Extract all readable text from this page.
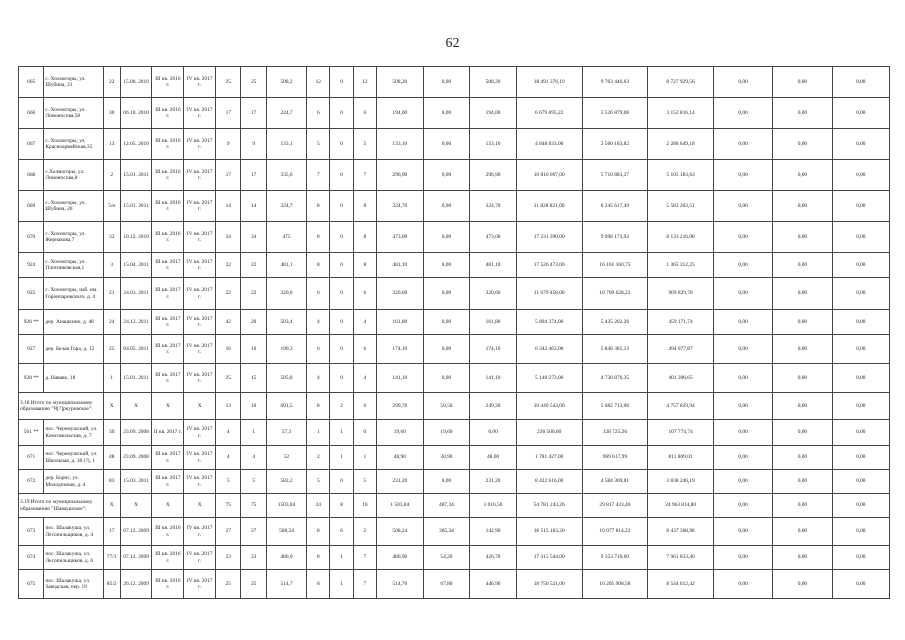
62
665	с. Хохмогоры, ул. Шубина, 21	22	15.06. 2010	III кв. 2016 г.	IV кв. 2017 г.	25	25	508,2	12	0	12	508,20	0,00	508,20	18 491 376,19	9 763 446,63	8 727 929,56	0,00	0,00	0,00
666	с. Хохмогоры, ул. Ломоносова,58	30	06.10. 2010	III кв. 2016 г.	IV кв. 2017 г.	17	17	224,7	6	0	6	194,00	0,00	194,00	6 679 695,22	3 526 879,08	3 152 816,14	0,00	0,00	0,00
667	с. Хохмогоры, ул. Красноармейская,35	13	12.05. 2010	III кв. 2016 г.	IV кв. 2017 г.	9	9	133,1	5	0	5	133,10	0,00	133,10	4 848 833,00	2 560 183,82	2 288 649,18	0,00	0,00	0,00
668	с.Холмогоры, ул. Ломоносова,8	2	15.01. 2011	III кв. 2016 г.	IV кв. 2017 г.	17	17	335,6	7	0	7	296,90	0,00	296,90	10 816 067,00	5 710 883,37	5 105 183,63	0,00	0,00	0,00
669	с. Хохмогоры, ул. Шубина, 20	5/н	15.01. 2011	III кв. 2016 г.	IV кв. 2017 г.	14	14	324,7	8	0	8	324,70	0,00	324,70	11 828 821,00	6 245 617,49	5 583 203,51	0,00	0,00	0,00
670	с. Хохмогоры, ул. Жернакова,7	32	10.12. 2010	III кв. 2016 г.	IV кв. 2017 г.	34	34	475	8	0	8	473,00	0,00	473,00	17 231 390,00	9 098 173,92	8 133 216,08	0,00	0,00	0,00
924	с. Хохмогоры, ул. Плотниковская,1	3	15.04. 2011	III кв. 2017 г.	IV кв. 2017 г.	22	22	481,1	8	0	8	481,10	0,00	481,10	17 526 473,00	16 161 160,75	1 365 312,25	0,00	0,00	0,00
925	с. Хохмогоры, наб. им. Горончаровского, д. 4	21	24.03. 2011	III кв. 2017 г.	IV кв. 2017 г.	22	22	320,6	6	0	6	320,60	0,00	320,60	11 679 458,00	10 769 628,22	909 829,78	0,00	0,00	0,00
926 **	дер. Анашкино, д. 48	24	24.12. 2011	III кв. 2017 г.	IV кв. 2017 г.	42	20	503,4	4	0	4	161,80	0,00	161,80	5 894 374,00	5 435 202,26	459 171,74	0,00	0,00	0,00
927	дер. Белая Гора, д. 12	25	04.05. 2011	III кв. 2017 г.	IV кв. 2017 г.	16	16	190,3	6	0	6	174,10	0,00	174,10	6 342 463,00	5 848 385,13	494 077,87	0,00	0,00	0,00
928 **	д. Нававо, 18	1	15.01. 2011	III кв. 2017 г.	IV кв. 2017 г.	25	15	505,8	4	0	4	141,10	0,00	141,10	5 140 273,00	4 738 876,35	401 396,65	0,00	0,00	0,00
3.18 Итого по муниципальному образованию "Ч[?]ркуровское":		X	X	X	X	13	10	691,5	8	2	6	299,70	50,50	249,20	10 440 543,00	5 682 713,06	4 757 829,94	0,00	0,00	0,00
561 **	пос. Черемушский, ул. Комсомольская, д. 7	30	23.09. 2008	II кв. 2017 г.	IV кв. 2017 г.	4	1	57,3	1	1	0	19,60	19,60	0,00	236 500,00	128 725,26	107 774,74	0,00	0,00	0,00
671	пос. Черемушский, ул. Школьная, д. 30 (?), 1	48	23.09. 2008	III кв. 2017 г.	IV кв. 2017 г.	4	4	52	2	1	1	48,90	30,90	48,00	1 781 427,00	969 617,99	811 809,01	0,00	0,00	0,00
672	дер. Борис, ул. Молодежная, д. 4	83	15.03. 2011	III кв. 2017 г.	IV кв. 2017 г.	5	5	582,2	5	0	5	231,20	0,00	231,20	8 422 616,00	4 584 369,81	3 838 246,19	0,00	0,00	0,00
3.19 Итого по муниципальному образованию "Шаваушское":		X	X	X	X	75	75	1503,84	24	8	16	1 503,84	487,34	1 016,50	54 781 243,26	29 817 433,40	24 963 814,80	0,00	0,00	0,00
673	пос. Шалакуша, ул. Лесопильщиков, д. 4	17	07.12. 2009	III кв. 2016 г.	IV кв. 2017 г.	27	27	508,24	8	6	2	508,24	365,34	142,90	18 515 183,20	10 077 814,22	8 437 368,98	0,00	0,00	0,00
674	пос. Шалакуша, ул. Лесопильщиков, д. 6	77/1	07.12. 2009	III кв. 2016 г.	IV кв. 2017 г.	23	23	480,9	8	1	7	480,90	54,20	426,70	17 315 544,00	9 353 710,60	7 961 833,40	0,00	0,00	0,00
675	пос. Шалакуша, ул. Заводская, пер. 19	85/2	26.12. 2009	III кв. 2016 г.	IV кв. 2017 г.	25	25	514,7	8	1	7	514,70	67,80	446,90	18 750 521,00	10 205 908,58	8 544 612,42	0,00	0,00	0,00
